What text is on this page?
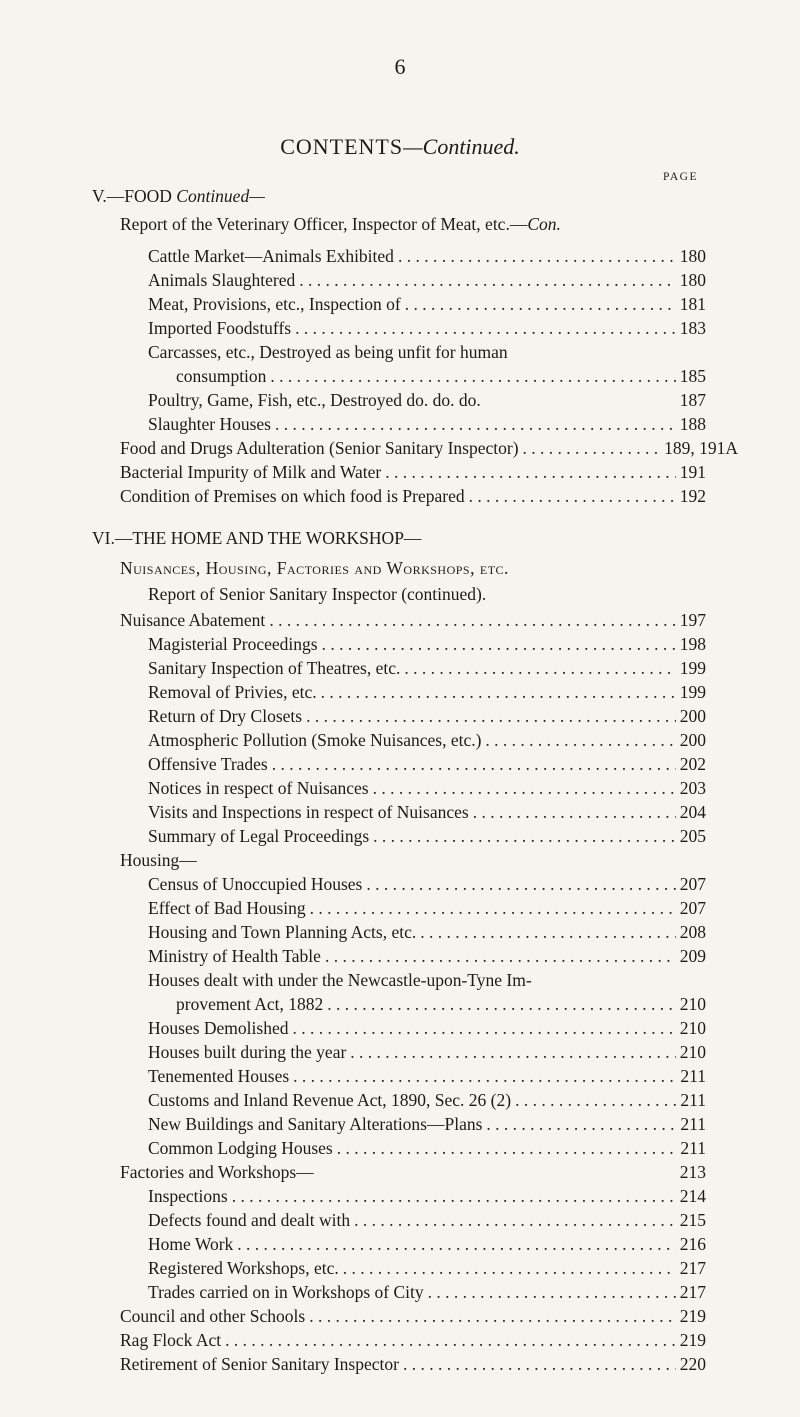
6
CONTENTS—Continued.
PAGE
V.—FOOD Continued—
Report of the Veterinary Officer, Inspector of Meat, etc.—Con.
Cattle Market—Animals Exhibited . . .	180
Animals Slaughtered . . .	180
Meat, Provisions, etc., Inspection of . . .	181
Imported Foodstuffs . . .	183
Carcasses, etc., Destroyed as being unfit for human
consumption . . .	185
Poultry, Game, Fish, etc., Destroyed do. do. do.	187
Slaughter Houses . . .	188
Food and Drugs Adulteration (Senior Sanitary Inspector) . . .	189, 191A
Bacterial Impurity of Milk and Water . . .	191
Condition of Premises on which food is Prepared . . .	192
VI.—THE HOME AND THE WORKSHOP—
Nuisances, Housing, Factories and Workshops, etc.
Report of Senior Sanitary Inspector (continued).
Nuisance Abatement . . .	197
Magisterial Proceedings . . .	198
Sanitary Inspection of Theatres, etc. . . .	199
Removal of Privies, etc. . . .	199
Return of Dry Closets . . .	200
Atmospheric Pollution (Smoke Nuisances, etc.) . . .	200
Offensive Trades . . .	202
Notices in respect of Nuisances . . .	203
Visits and Inspections in respect of Nuisances . . .	204
Summary of Legal Proceedings . . .	205
Housing—
Census of Unoccupied Houses . . .	207
Effect of Bad Housing . . .	207
Housing and Town Planning Acts, etc. . . .	208
Ministry of Health Table . . .	209
Houses dealt with under the Newcastle-upon-Tyne Im-
provement Act, 1882 . . .	210
Houses Demolished . . .	210
Houses built during the year . . .	210
Tenemented Houses . . .	211
Customs and Inland Revenue Act, 1890, Sec. 26 (2) . . .	211
New Buildings and Sanitary Alterations—Plans . . .	211
Common Lodging Houses . . .	211
Factories and Workshops—	213
Inspections . . .	214
Defects found and dealt with . . .	215
Home Work . . .	216
Registered Workshops, etc. . . .	217
Trades carried on in Workshops of City . . .	217
Council and other Schools . . .	219
Rag Flock Act . . .	219
Retirement of Senior Sanitary Inspector . . .	220
